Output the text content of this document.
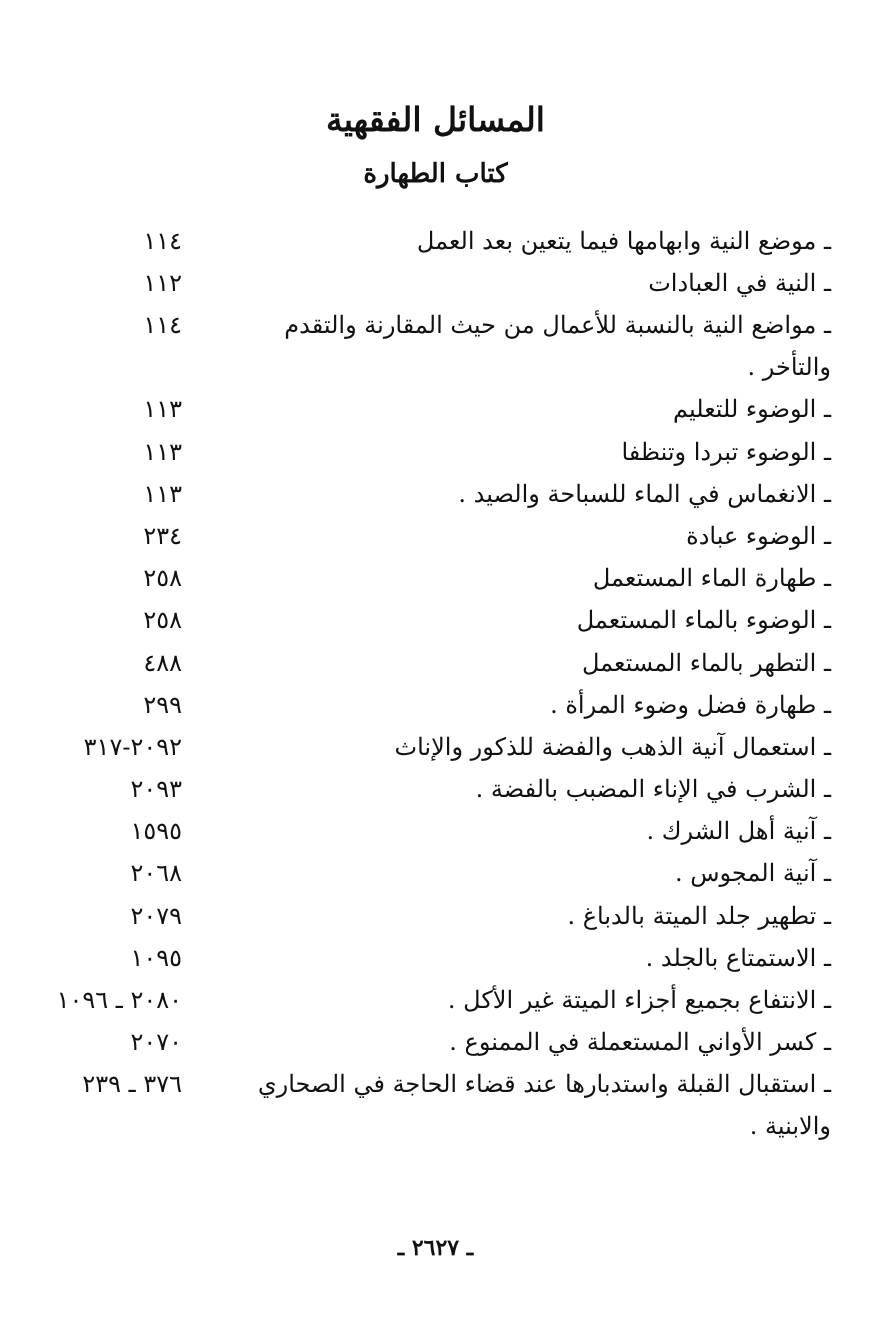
المسائل الفقهية
كتاب الطهارة
ـ موضع النية وابهامها فيما يتعين بعد العمل
١١٤
ـ النية في العبادات
١١٢
ـ مواضع النية بالنسبة للأعمال من حيث المقارنة والتقدم والتأخر .
١١٤
ـ الوضوء للتعليم
١١٣
ـ الوضوء تبردا وتنظفا
١١٣
ـ الانغماس في الماء للسباحة والصيد .
١١٣
ـ الوضوء عبادة
٢٣٤
ـ طهارة الماء المستعمل
٢٥٨
ـ الوضوء بالماء المستعمل
٢٥٨
ـ التطهر بالماء المستعمل
٤٨٨
ـ طهارة فضل وضوء المرأة .
٢٩٩
ـ استعمال آنية الذهب والفضة للذكور والإناث
٢٠٩٢-٣١٧
ـ الشرب في الإناء المضبب بالفضة .
٢٠٩٣
ـ آنية أهل الشرك .
١٥٩٥
ـ آنية المجوس .
٢٠٦٨
ـ تطهير جلد الميتة بالدباغ .
٢٠٧٩
ـ الاستمتاع بالجلد .
١٠٩٥
ـ الانتفاع بجميع أجزاء الميتة غير الأكل .
٢٠٨٠ ـ ١٠٩٦
ـ كسر الأواني المستعملة في الممنوع .
٢٠٧٠
ـ استقبال القبلة واستدبارها عند قضاء الحاجة في الصحاري والابنية .
٣٧٦ ـ ٢٣٩
ـ ٢٦٢٧ ـ
